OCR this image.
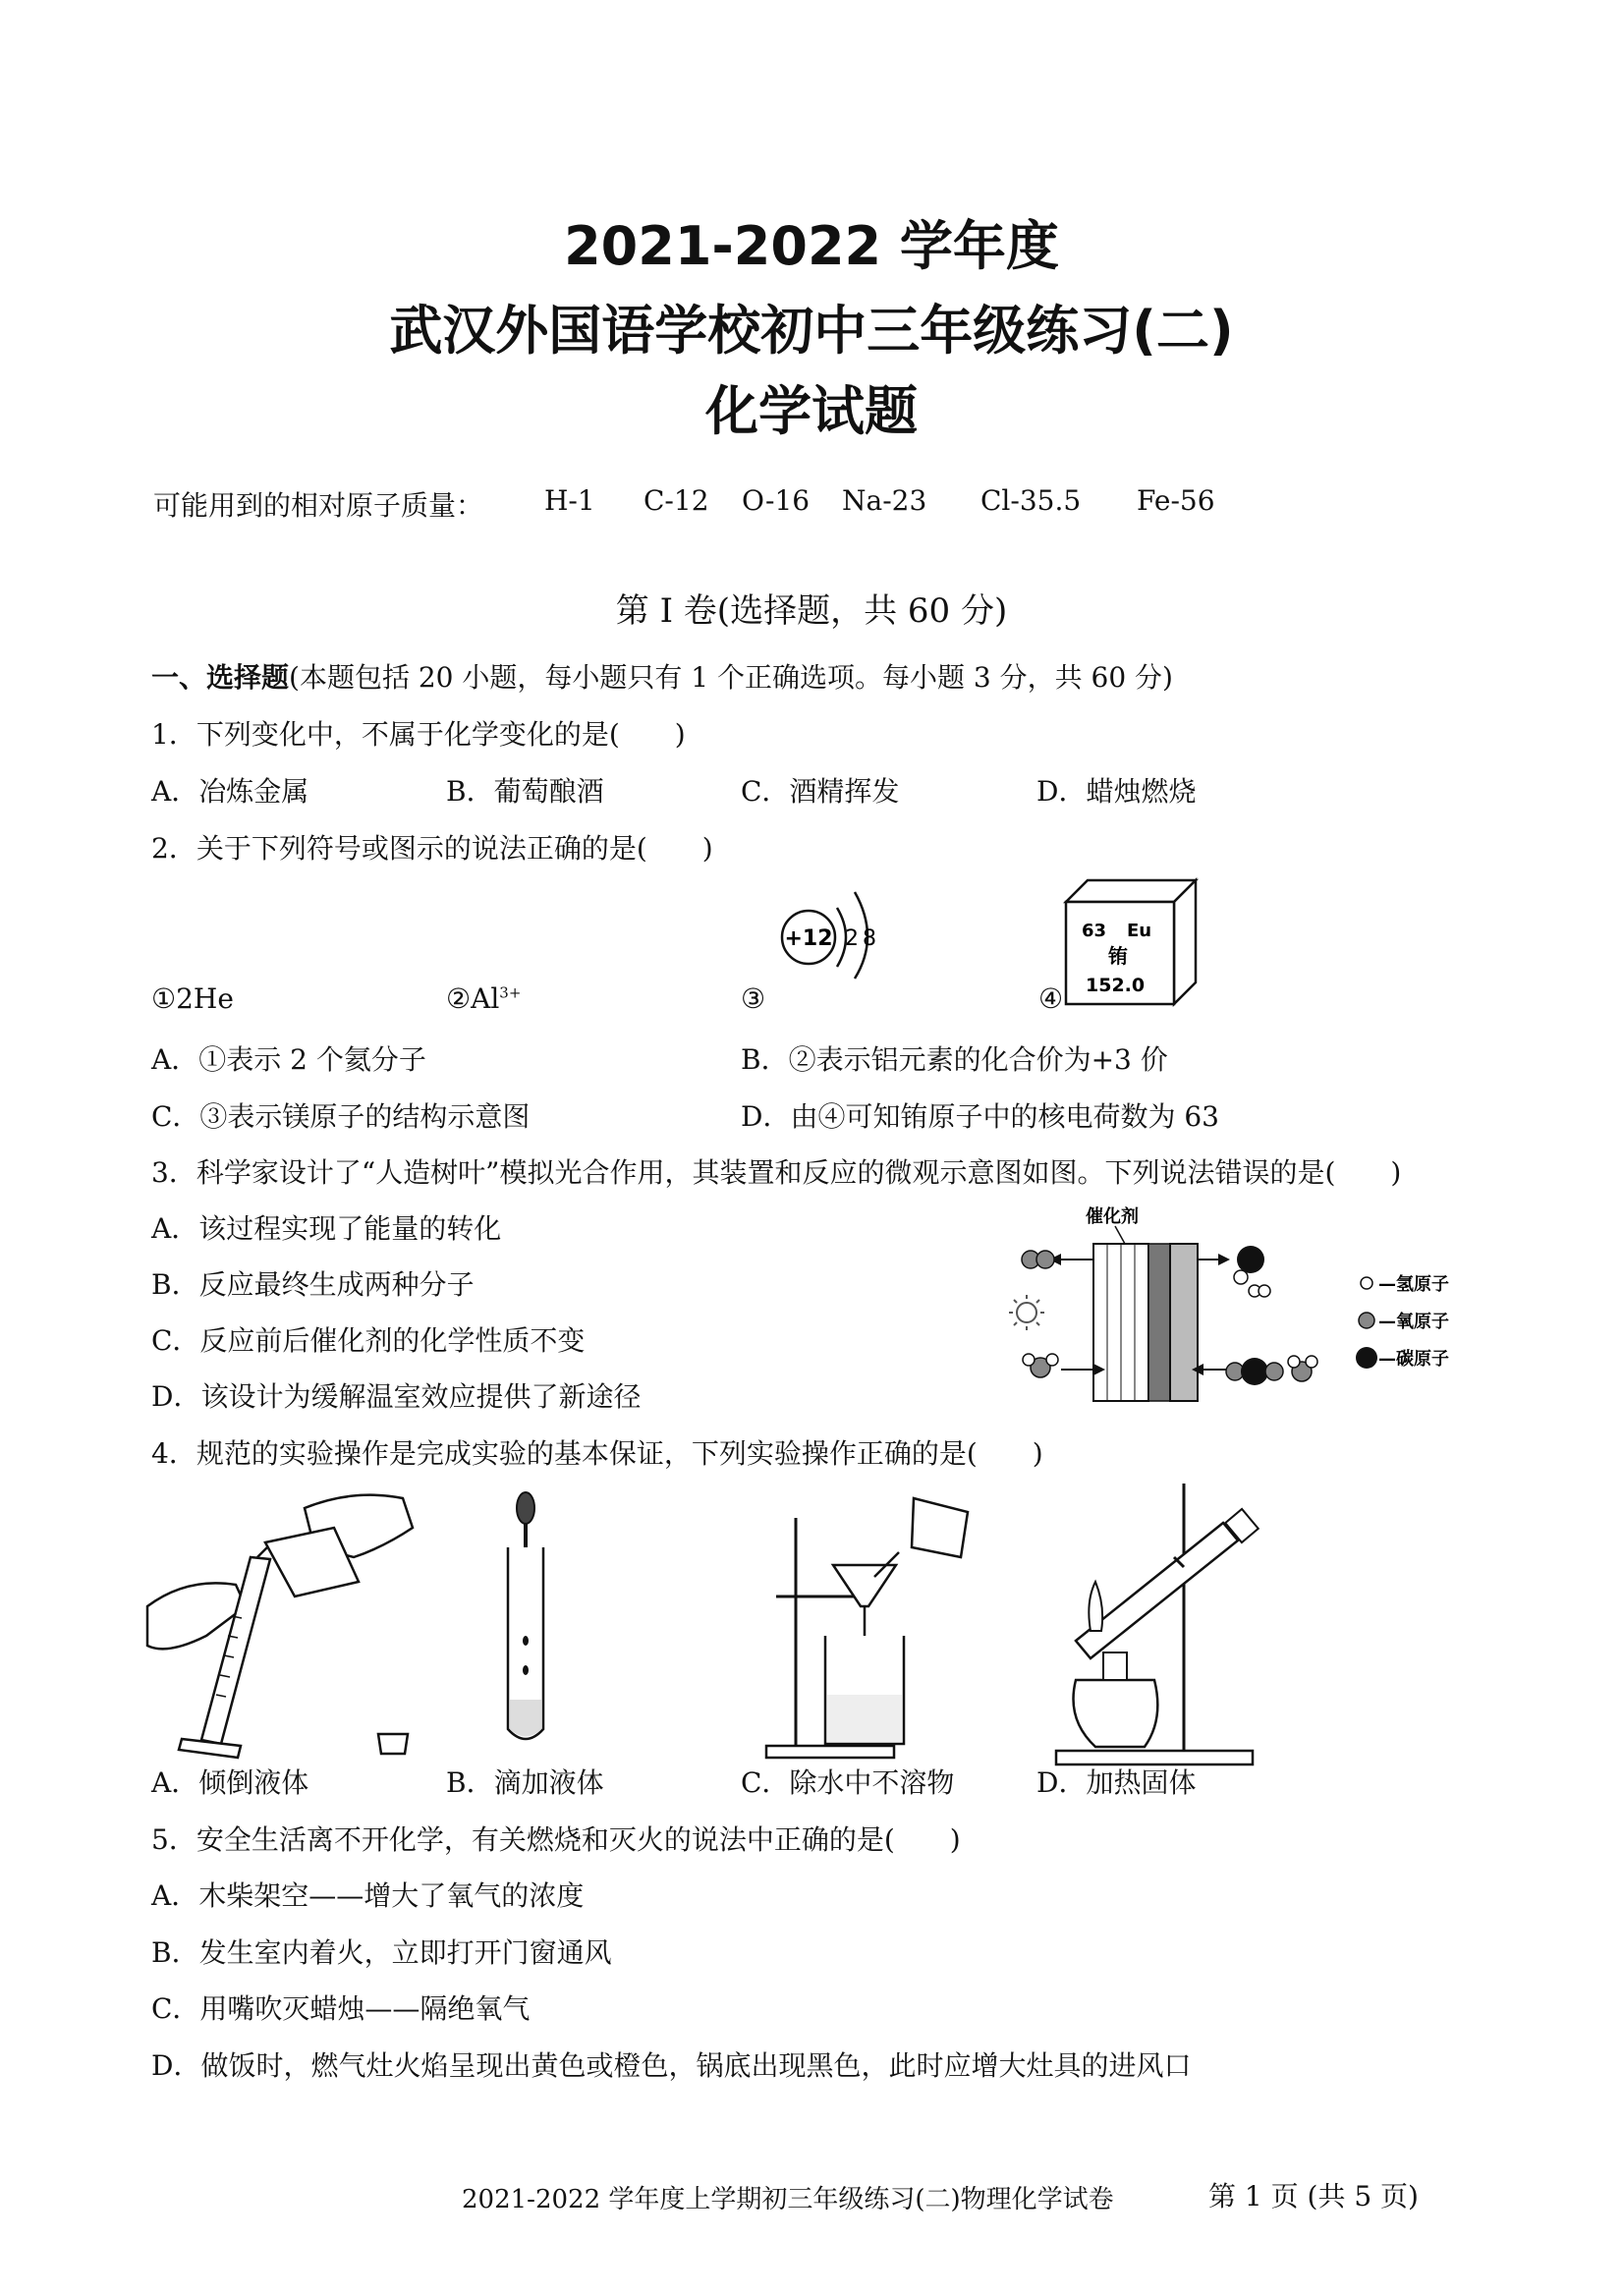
2021-2022 学年度
武汉外国语学校初中三年级练习(二)
化学试题
可能用到的相对原子质量： H-1 C-12 O-16 Na-23 Cl-35.5 Fe-56
第 I 卷(选择题，共 60 分)
一、选择题(本题包括 20 小题，每小题只有 1 个正确选项。每小题 3 分，共 60 分)
1．下列变化中，不属于化学变化的是(　　)
A．冶炼金属	B．葡萄酿酒	C．酒精挥发	D．蜡烛燃烧
2．关于下列符号或图示的说法正确的是(　　)
①2He	$②Al^{3+}$	③	④
+12 2 8	63 Eu
铕
152.0
A．①表示 2 个氦分子	B．②表示铝元素的化合价为+3 价
C．③表示镁原子的结构示意图	D．由④可知铕原子中的核电荷数为 63
3．科学家设计了“人造树叶”模拟光合作用，其装置和反应的微观示意图如图。下列说法错误的是(　　)
A．该过程实现了能量的转化
B．反应最终生成两种分子
C．反应前后催化剂的化学性质不变
D．该设计为缓解温室效应提供了新途径
催化剂
—氢原子
—氧原子
—碳原子
4．规范的实验操作是完成实验的基本保证，下列实验操作正确的是(　　)
A．倾倒液体	B．滴加液体	C．除水中不溶物	D．加热固体
5．安全生活离不开化学，有关燃烧和灭火的说法中正确的是(　　)
A．木柴架空——增大了氧气的浓度
B．发生室内着火，立即打开门窗通风
C．用嘴吹灭蜡烛——隔绝氧气
D．做饭时，燃气灶火焰呈现出黄色或橙色，锅底出现黑色，此时应增大灶具的进风口
2021-2022 学年度上学期初三年级练习(二)物理化学试卷	第 1 页 (共 5 页)
